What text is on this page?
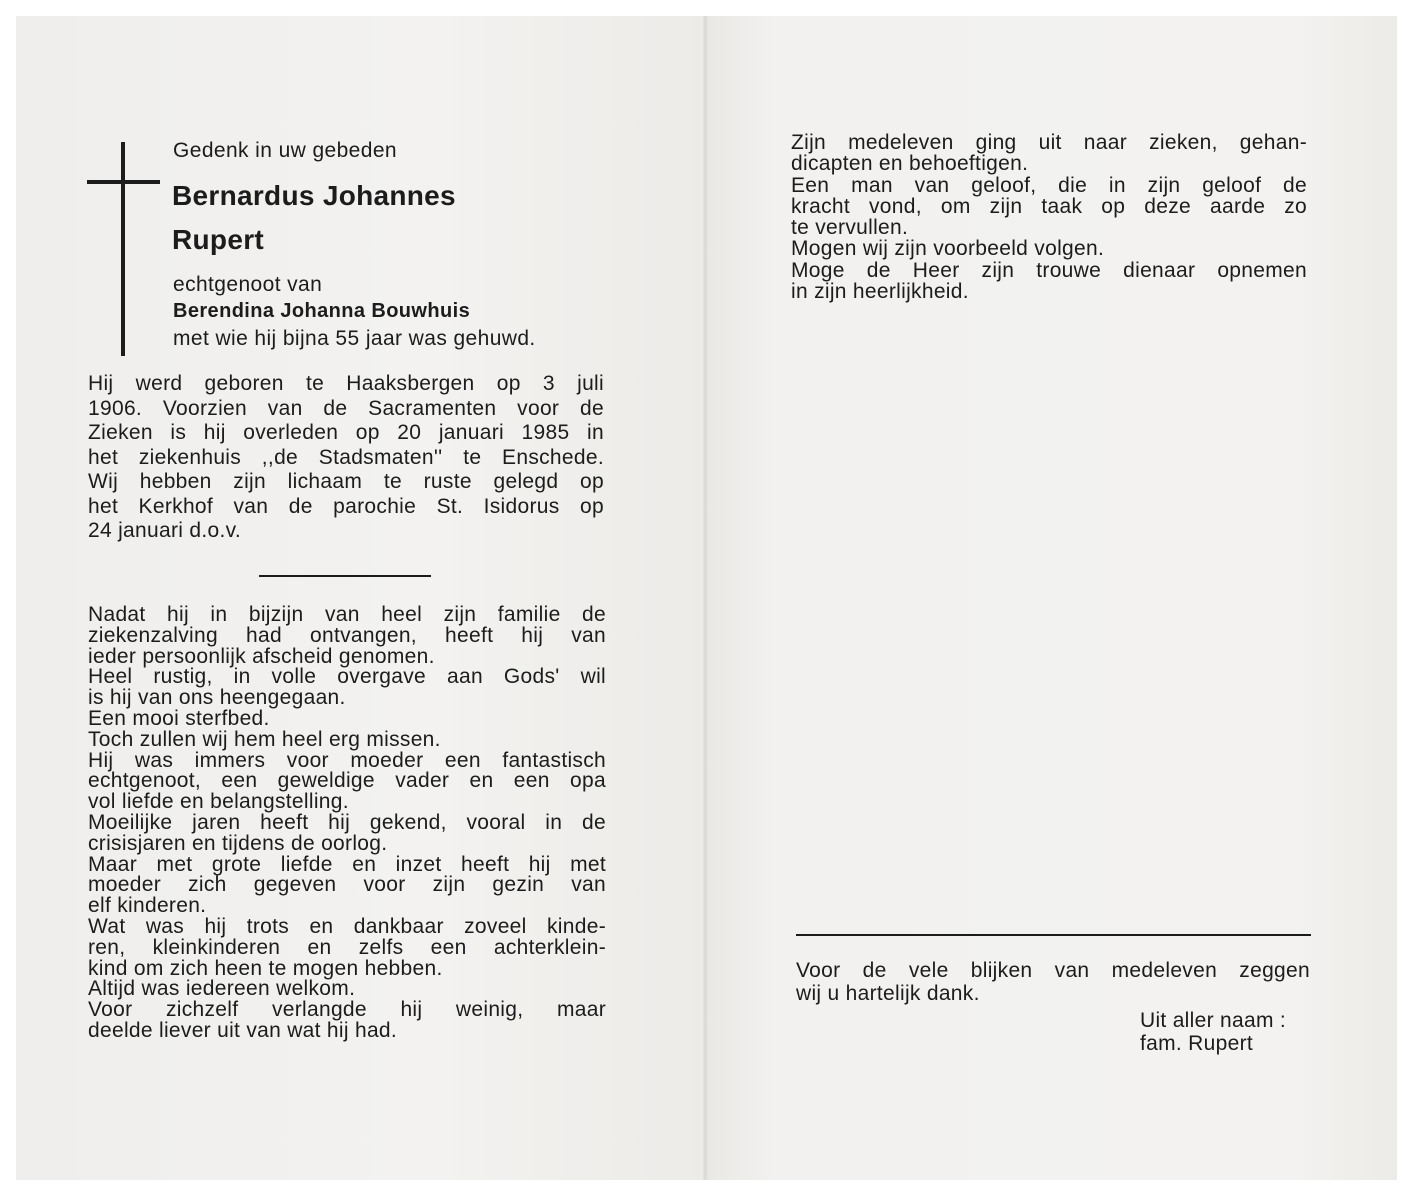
Gedenk in uw gebeden
Bernardus Johannes
Rupert
echtgenoot van
Berendina Johanna Bouwhuis
met wie hij bijna 55 jaar was gehuwd.
Hij werd geboren te Haaksbergen op 3 juli
1906. Voorzien van de Sacramenten voor de
Zieken is hij overleden op 20 januari 1985 in
het ziekenhuis ,,de Stadsmaten'' te Enschede.
Wij hebben zijn lichaam te ruste gelegd op
het Kerkhof van de parochie St. Isidorus op
24 januari d.o.v.
Nadat hij in bijzijn van heel zijn familie de
ziekenzalving had ontvangen, heeft hij van
ieder persoonlijk afscheid genomen.
Heel rustig, in volle overgave aan Gods' wil
is hij van ons heengegaan.
Een mooi sterfbed.
Toch zullen wij hem heel erg missen.
Hij was immers voor moeder een fantastisch
echtgenoot, een geweldige vader en een opa
vol liefde en belangstelling.
Moeilijke jaren heeft hij gekend, vooral in de
crisisjaren en tijdens de oorlog.
Maar met grote liefde en inzet heeft hij met
moeder zich gegeven voor zijn gezin van
elf kinderen.
Wat was hij trots en dankbaar zoveel kinde-
ren, kleinkinderen en zelfs een achterklein-
kind om zich heen te mogen hebben.
Altijd was iedereen welkom.
Voor zichzelf verlangde hij weinig, maar
deelde liever uit van wat hij had.
Zijn medeleven ging uit naar zieken, gehan-
dicapten en behoeftigen.
Een man van geloof, die in zijn geloof de
kracht vond, om zijn taak op deze aarde zo
te vervullen.
Mogen wij zijn voorbeeld volgen.
Moge de Heer zijn trouwe dienaar opnemen
in zijn heerlijkheid.
Voor de vele blijken van medeleven zeggen
wij u hartelijk dank.
Uit aller naam :
fam. Rupert
